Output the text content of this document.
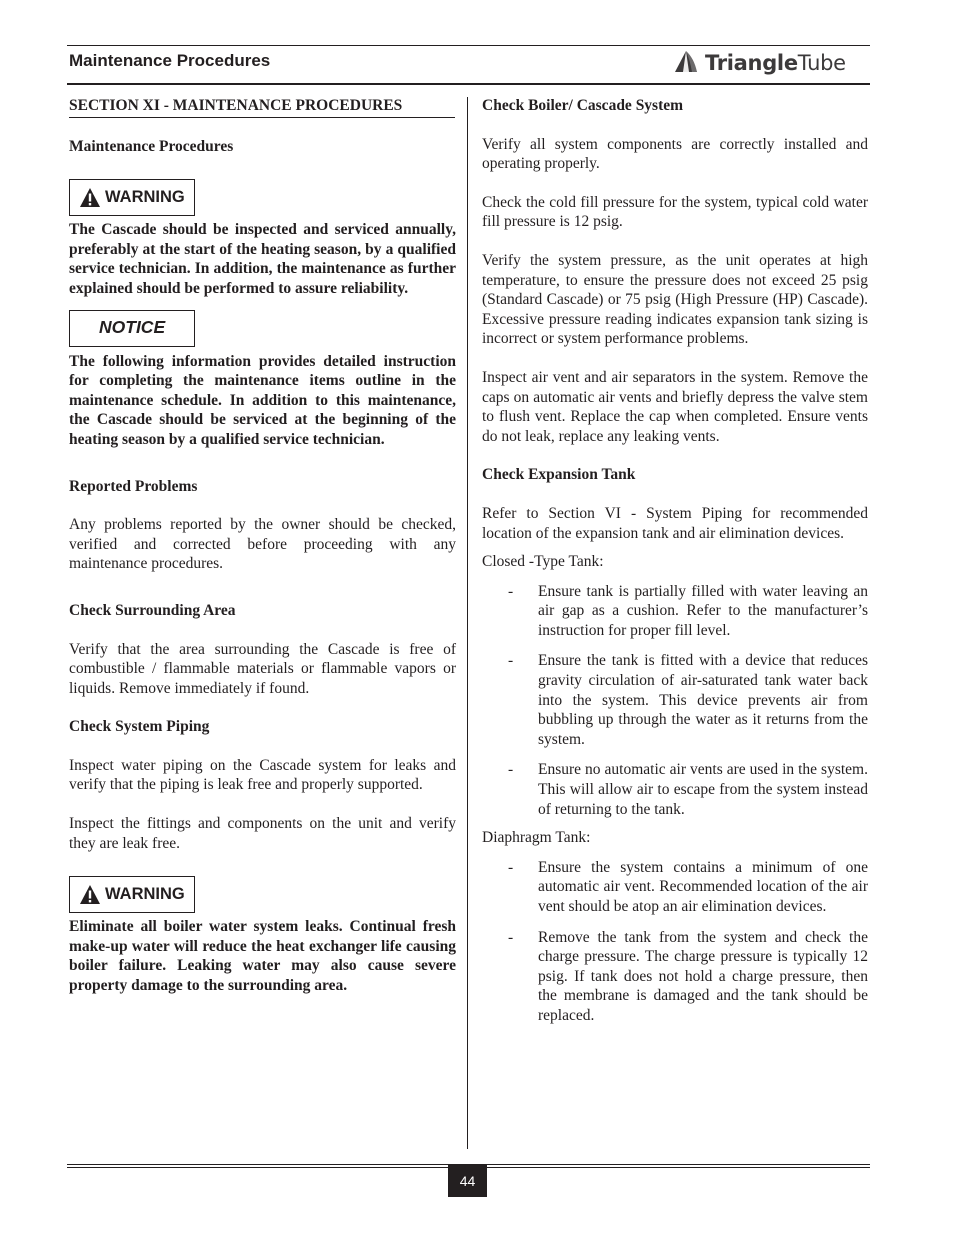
Maintenance Procedures	TriangleTube

SECTION XI - MAINTENANCE PROCEDURES

Maintenance Procedures

WARNING

The Cascade should be inspected and serviced annually, preferably at the start of the heating season, by a qualified service technician. In addition, the maintenance as further explained should be performed to assure reliability.

NOTICE

The following information provides detailed instruction for completing the maintenance items outline in the maintenance schedule. In addition to this maintenance, the Cascade should be serviced at the beginning of the heating season by a qualified service technician.

Reported Problems

Any problems reported by the owner should be checked, verified and corrected before proceeding with any maintenance procedures.

Check Surrounding Area

Verify that the area surrounding the Cascade is free of combustible / flammable materials or flammable vapors or liquids. Remove immediately if found.

Check System Piping

Inspect water piping on the Cascade system for leaks and verify that the piping is leak free and properly supported.

Inspect the fittings and components on the unit and verify they are leak free.

WARNING

Eliminate all boiler water system leaks. Continual fresh make-up water will reduce the heat exchanger life causing boiler failure. Leaking water may also cause severe property damage to the surrounding area.

Check Boiler/ Cascade System

Verify all system components are correctly installed and operating properly.

Check the cold fill pressure for the system, typical cold water fill pressure is 12 psig.

Verify the system pressure, as the unit operates at high temperature, to ensure the pressure does not exceed 25 psig (Standard Cascade) or 75 psig (High Pressure (HP) Cascade). Excessive pressure reading indicates expansion tank sizing is incorrect or system performance problems.

Inspect air vent and air separators in the system. Remove the caps on automatic air vents and briefly depress the valve stem to flush vent. Replace the cap when completed. Ensure vents do not leak, replace any leaking vents.

Check Expansion Tank

Refer to Section VI - System Piping for recommended location of the expansion tank and air elimination devices.

Closed -Type Tank:

-	Ensure tank is partially filled with water leaving an air gap as a cushion. Refer to the manufacturer’s instruction for proper fill level.
-	Ensure the tank is fitted with a device that reduces gravity circulation of air-saturated tank water back into the system. This device prevents air from bubbling up through the water as it returns from the system.
-	Ensure no automatic air vents are used in the system. This will allow air to escape from the system instead of returning to the tank.

Diaphragm Tank:

-	Ensure the system contains a minimum of one automatic air vent. Recommended location of the air vent should be atop an air elimination devices.
-	Remove the tank from the system and check the charge pressure. The charge pressure is typically 12 psig. If tank does not hold a charge pressure, then the membrane is damaged and the tank should be replaced.
44
